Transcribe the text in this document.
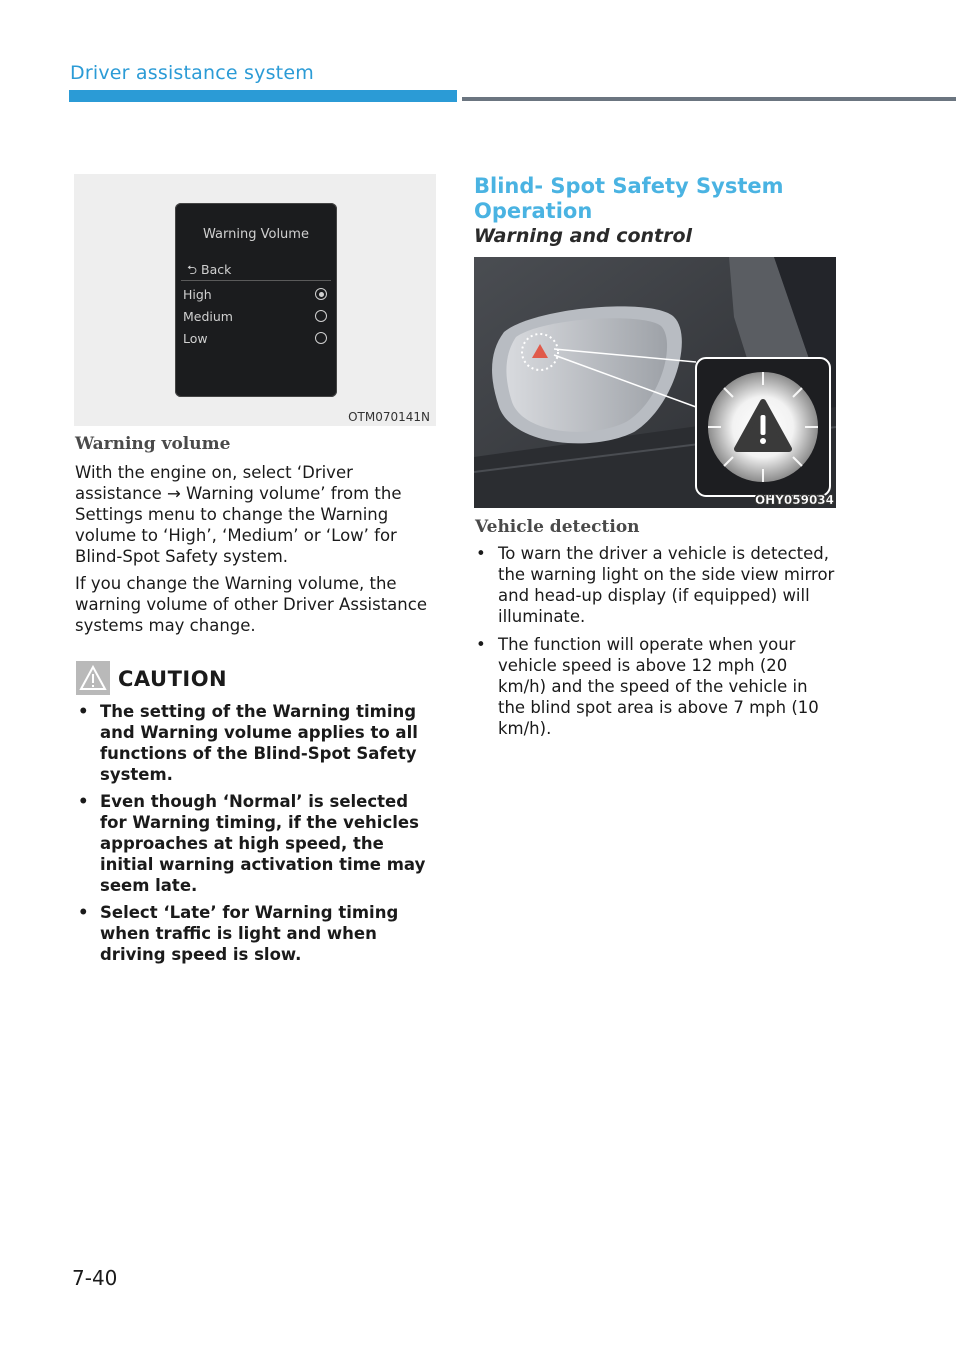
Driver assistance system
Warning Volume
⮌ Back
High
Medium
Low
OTM070141N
Warning volume

With the engine on, select ‘Driver assistance → Warning volume’ from the Settings menu to change the Warning volume to ‘High’, ‘Medium’ or ‘Low’ for Blind-Spot Safety system.

If you change the Warning volume, the warning volume of other Driver Assistance systems may change.

CAUTION
• The setting of the Warning timing and Warning volume applies to all functions of the Blind-Spot Safety system.
• Even though ‘Normal’ is selected for Warning timing, if the vehicles approaches at high speed, the initial warning activation time may seem late.
• Select ‘Late’ for Warning timing when traffic is light and when driving speed is slow.
Blind- Spot Safety System Operation
Warning and control
OHY059034
Vehicle detection
• To warn the driver a vehicle is detected, the warning light on the side view mirror and head-up display (if equipped) will illuminate.
• The function will operate when your vehicle speed is above 12 mph (20 km/h) and the speed of the vehicle in the blind spot area is above 7 mph (10 km/h).
7-40
